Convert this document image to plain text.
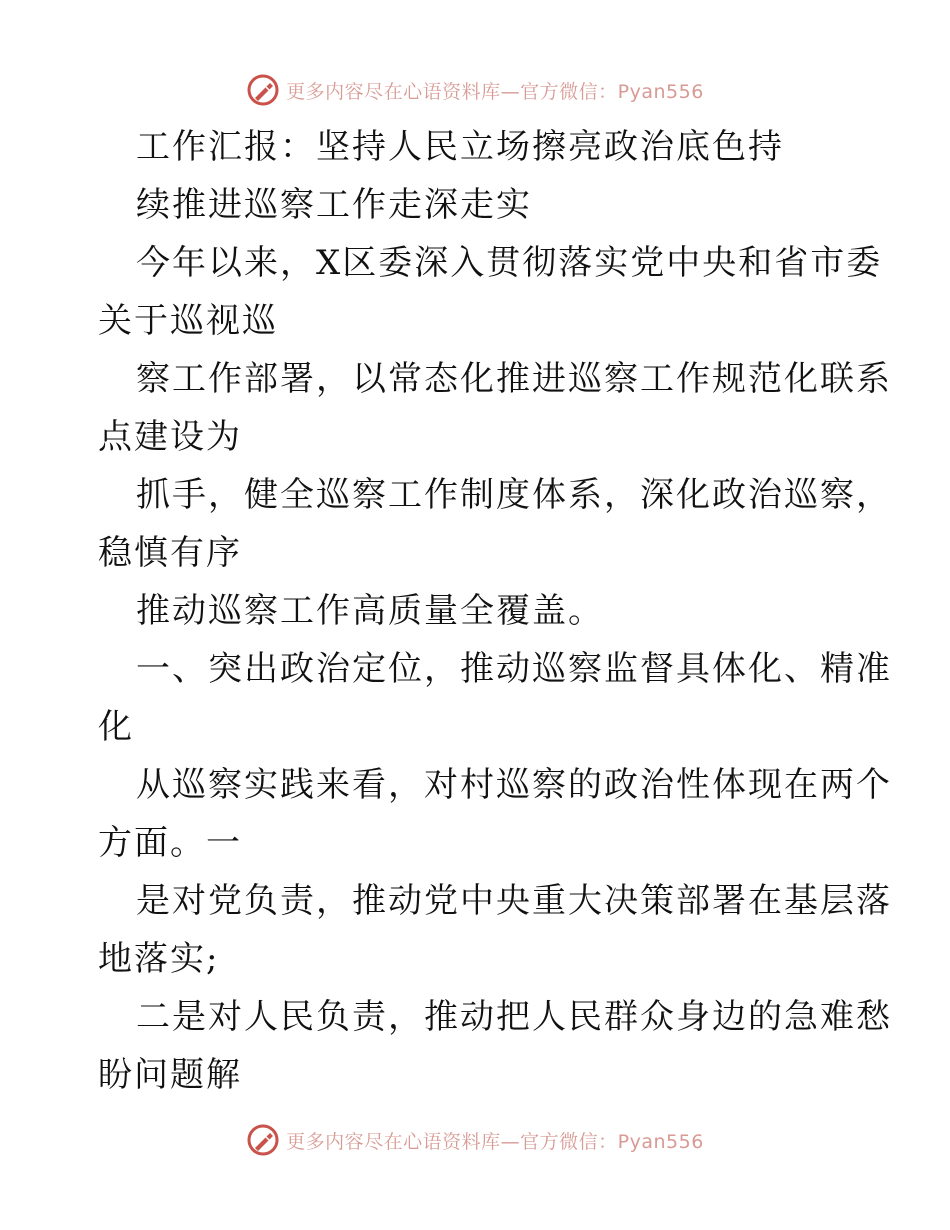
更多内容尽在心语资料库—官方微信：Pyan556
工作汇报：坚持人民立场擦亮政治底色持
续推进巡察工作走深走实
今年以来，X区委深入贯彻落实党中央和省市委
关于巡视巡
察工作部署，以常态化推进巡察工作规范化联系
点建设为
抓手，健全巡察工作制度体系，深化政治巡察，
稳慎有序
推动巡察工作高质量全覆盖。
一、突出政治定位，推动巡察监督具体化、精准
化
从巡察实践来看，对村巡察的政治性体现在两个
方面。一
是对党负责，推动党中央重大决策部署在基层落
地落实;
二是对人民负责，推动把人民群众身边的急难愁
盼问题解
更多内容尽在心语资料库—官方微信：Pyan556
